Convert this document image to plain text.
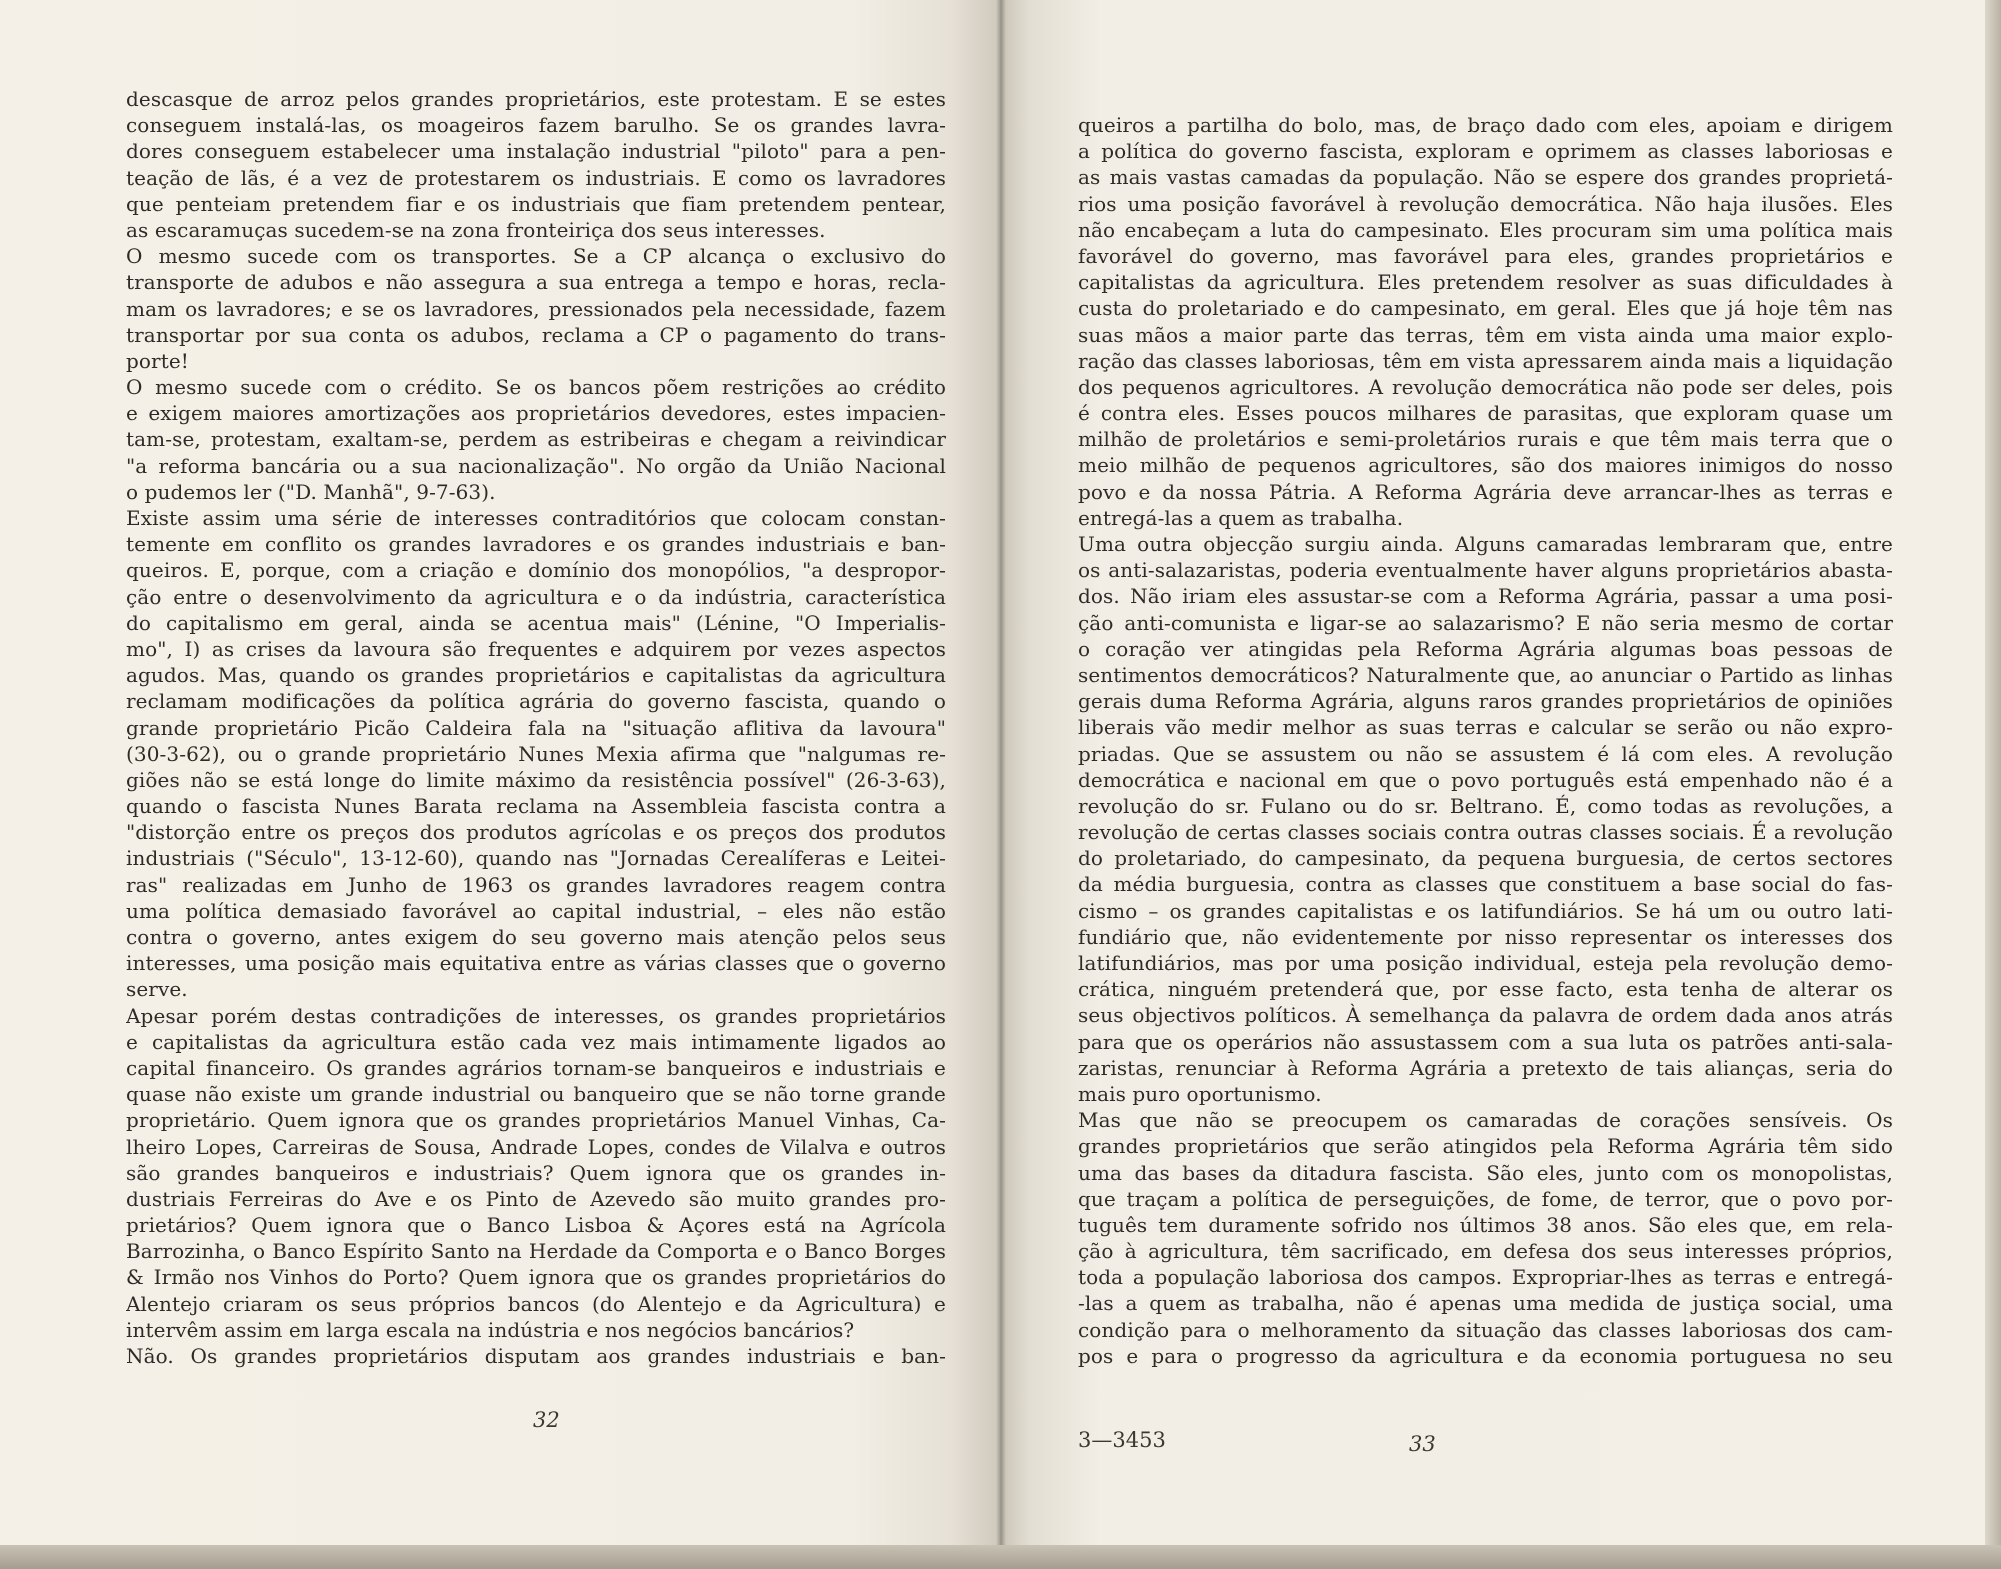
descasque de arroz pelos grandes proprietários, este protestam. E se estes
conseguem instalá-las, os moageiros fazem barulho. Se os grandes lavra-
dores conseguem estabelecer uma instalação industrial "piloto" para a pen-
teação de lãs, é a vez de protestarem os industriais. E como os lavradores
que penteiam pretendem fiar e os industriais que fiam pretendem pentear,
as escaramuças sucedem-se na zona fronteiriça dos seus interesses.
O mesmo sucede com os transportes. Se a CP alcança o exclusivo do
transporte de adubos e não assegura a sua entrega a tempo e horas, recla-
mam os lavradores; e se os lavradores, pressionados pela necessidade, fazem
transportar por sua conta os adubos, reclama a CP o pagamento do trans-
porte!
O mesmo sucede com o crédito. Se os bancos põem restrições ao crédito
e exigem maiores amortizações aos proprietários devedores, estes impacien-
tam-se, protestam, exaltam-se, perdem as estribeiras e chegam a reivindicar
"a reforma bancária ou a sua nacionalização". No orgão da União Nacional
o pudemos ler ("D. Manhã", 9-7-63).
Existe assim uma série de interesses contraditórios que colocam constan-
temente em conflito os grandes lavradores e os grandes industriais e ban-
queiros. E, porque, com a criação e domínio dos monopólios, "a despropor-
ção entre o desenvolvimento da agricultura e o da indústria, característica
do capitalismo em geral, ainda se acentua mais" (Lénine, "O Imperialis-
mo", I) as crises da lavoura são frequentes e adquirem por vezes aspectos
agudos. Mas, quando os grandes proprietários e capitalistas da agricultura
reclamam modificações da política agrária do governo fascista, quando o
grande proprietário Picão Caldeira fala na "situação aflitiva da lavoura"
(30-3-62), ou o grande proprietário Nunes Mexia afirma que "nalgumas re-
giões não se está longe do limite máximo da resistência possível" (26-3-63),
quando o fascista Nunes Barata reclama na Assembleia fascista contra a
"distorção entre os preços dos produtos agrícolas e os preços dos produtos
industriais ("Século", 13-12-60), quando nas "Jornadas Cerealíferas e Leitei-
ras" realizadas em Junho de 1963 os grandes lavradores reagem contra
uma política demasiado favorável ao capital industrial, – eles não estão
contra o governo, antes exigem do seu governo mais atenção pelos seus
interesses, uma posição mais equitativa entre as várias classes que o governo
serve.
Apesar porém destas contradições de interesses, os grandes proprietários
e capitalistas da agricultura estão cada vez mais intimamente ligados ao
capital financeiro. Os grandes agrários tornam-se banqueiros e industriais e
quase não existe um grande industrial ou banqueiro que se não torne grande
proprietário. Quem ignora que os grandes proprietários Manuel Vinhas, Ca-
lheiro Lopes, Carreiras de Sousa, Andrade Lopes, condes de Vilalva e outros
são grandes banqueiros e industriais? Quem ignora que os grandes in-
dustriais Ferreiras do Ave e os Pinto de Azevedo são muito grandes pro-
prietários? Quem ignora que o Banco Lisboa & Açores está na Agrícola
Barrozinha, o Banco Espírito Santo na Herdade da Comporta e o Banco Borges
& Irmão nos Vinhos do Porto? Quem ignora que os grandes proprietários do
Alentejo criaram os seus próprios bancos (do Alentejo e da Agricultura) e
intervêm assim em larga escala na indústria e nos negócios bancários?
Não. Os grandes proprietários disputam aos grandes industriais e ban-
32
queiros a partilha do bolo, mas, de braço dado com eles, apoiam e dirigem
a política do governo fascista, exploram e oprimem as classes laboriosas e
as mais vastas camadas da população. Não se espere dos grandes proprietá-
rios uma posição favorável à revolução democrática. Não haja ilusões. Eles
não encabeçam a luta do campesinato. Eles procuram sim uma política mais
favorável do governo, mas favorável para eles, grandes proprietários e
capitalistas da agricultura. Eles pretendem resolver as suas dificuldades à
custa do proletariado e do campesinato, em geral. Eles que já hoje têm nas
suas mãos a maior parte das terras, têm em vista ainda uma maior explo-
ração das classes laboriosas, têm em vista apressarem ainda mais a liquidação
dos pequenos agricultores. A revolução democrática não pode ser deles, pois
é contra eles. Esses poucos milhares de parasitas, que exploram quase um
milhão de proletários e semi-proletários rurais e que têm mais terra que o
meio milhão de pequenos agricultores, são dos maiores inimigos do nosso
povo e da nossa Pátria. A Reforma Agrária deve arrancar-lhes as terras e
entregá-las a quem as trabalha.
Uma outra objecção surgiu ainda. Alguns camaradas lembraram que, entre
os anti-salazaristas, poderia eventualmente haver alguns proprietários abasta-
dos. Não iriam eles assustar-se com a Reforma Agrária, passar a uma posi-
ção anti-comunista e ligar-se ao salazarismo? E não seria mesmo de cortar
o coração ver atingidas pela Reforma Agrária algumas boas pessoas de
sentimentos democráticos? Naturalmente que, ao anunciar o Partido as linhas
gerais duma Reforma Agrária, alguns raros grandes proprietários de opiniões
liberais vão medir melhor as suas terras e calcular se serão ou não expro-
priadas. Que se assustem ou não se assustem é lá com eles. A revolução
democrática e nacional em que o povo português está empenhado não é a
revolução do sr. Fulano ou do sr. Beltrano. É, como todas as revoluções, a
revolução de certas classes sociais contra outras classes sociais. É a revolução
do proletariado, do campesinato, da pequena burguesia, de certos sectores
da média burguesia, contra as classes que constituem a base social do fas-
cismo – os grandes capitalistas e os latifundiários. Se há um ou outro lati-
fundiário que, não evidentemente por nisso representar os interesses dos
latifundiários, mas por uma posição individual, esteja pela revolução demo-
crática, ninguém pretenderá que, por esse facto, esta tenha de alterar os
seus objectivos políticos. À semelhança da palavra de ordem dada anos atrás
para que os operários não assustassem com a sua luta os patrões anti-sala-
zaristas, renunciar à Reforma Agrária a pretexto de tais alianças, seria do
mais puro oportunismo.
Mas que não se preocupem os camaradas de corações sensíveis. Os
grandes proprietários que serão atingidos pela Reforma Agrária têm sido
uma das bases da ditadura fascista. São eles, junto com os monopolistas,
que traçam a política de perseguições, de fome, de terror, que o povo por-
tuguês tem duramente sofrido nos últimos 38 anos. São eles que, em rela-
ção à agricultura, têm sacrificado, em defesa dos seus interesses próprios,
toda a população laboriosa dos campos. Expropriar-lhes as terras e entregá-
-las a quem as trabalha, não é apenas uma medida de justiça social, uma
condição para o melhoramento da situação das classes laboriosas dos cam-
pos e para o progresso da agricultura e da economia portuguesa no seu
3—3453	33
